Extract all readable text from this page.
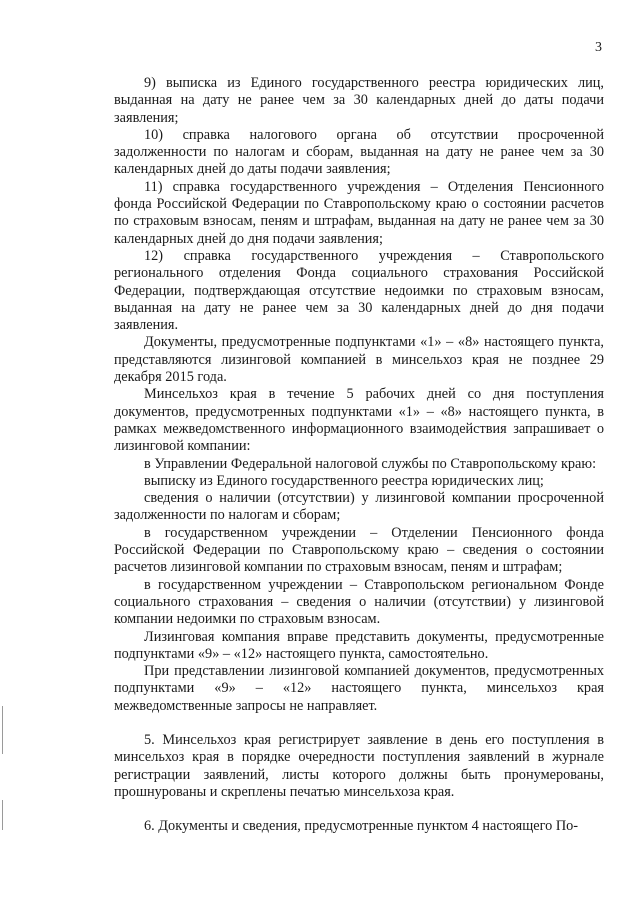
3

9) выписка из Единого государственного реестра юридических лиц, выданная на дату не ранее чем за 30 календарных дней до даты подачи заявления;

10) справка налогового органа об отсутствии просроченной задолженности по налогам и сборам, выданная на дату не ранее чем за 30 календарных дней до даты подачи заявления;

11) справка государственного учреждения – Отделения Пенсионного фонда Российской Федерации по Ставропольскому краю о состоянии расчетов по страховым взносам, пеням и штрафам, выданная на дату не ранее чем за 30 календарных дней до дня подачи заявления;

12) справка государственного учреждения – Ставропольского регионального отделения Фонда социального страхования Российской Федерации, подтверждающая отсутствие недоимки по страховым взносам, выданная на дату не ранее чем за 30 календарных дней до дня подачи заявления.

Документы, предусмотренные подпунктами «1» – «8» настоящего пункта, представляются лизинговой компанией в минсельхоз края не позднее 29 декабря 2015 года.

Минсельхоз края в течение 5 рабочих дней со дня поступления документов, предусмотренных подпунктами «1» – «8» настоящего пункта, в рамках межведомственного информационного взаимодействия запрашивает о лизинговой компании:

в Управлении Федеральной налоговой службы по Ставропольскому краю:

выписку из Единого государственного реестра юридических лиц;

сведения о наличии (отсутствии) у лизинговой компании просроченной задолженности по налогам и сборам;

в государственном учреждении – Отделении Пенсионного фонда Российской Федерации по Ставропольскому краю – сведения о состоянии расчетов лизинговой компании по страховым взносам, пеням и штрафам;

в государственном учреждении – Ставропольском региональном Фонде социального страхования – сведения о наличии (отсутствии) у лизинговой компании недоимки по страховым взносам.

Лизинговая компания вправе представить документы, предусмотренные подпунктами «9» – «12» настоящего пункта, самостоятельно.

При представлении лизинговой компанией документов, предусмотренных подпунктами «9» – «12» настоящего пункта, минсельхоз края межведомственные запросы не направляет.

5. Минсельхоз края регистрирует заявление в день его поступления в минсельхоз края в порядке очередности поступления заявлений в журнале регистрации заявлений, листы которого должны быть пронумерованы, прошнурованы и скреплены печатью минсельхоза края.

6. Документы и сведения, предусмотренные пунктом 4 настоящего По-
